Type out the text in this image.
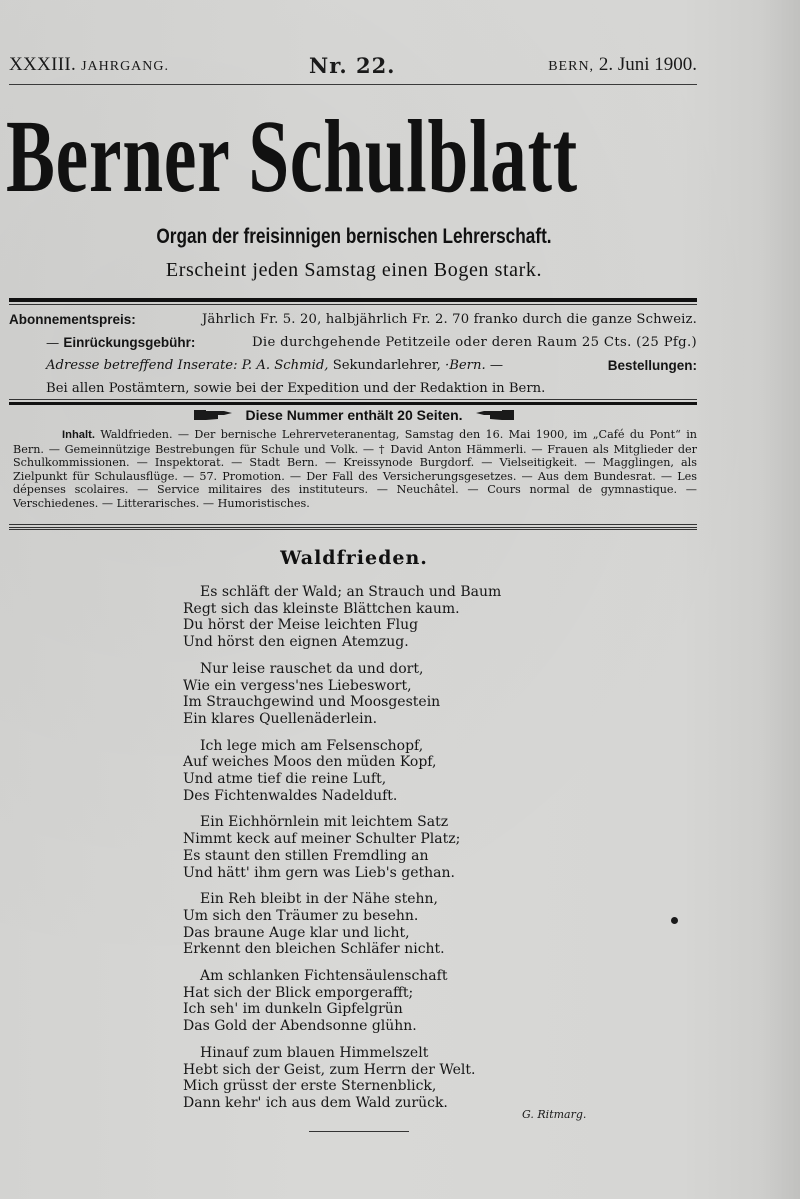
XXXIII. JAHRGANG.	Nr. 22.	BERN, 2. Juni 1900.
Berner Schulblatt
Organ der freisinnigen bernischen Lehrerschaft.
Erscheint jeden Samstag einen Bogen stark.
Abonnementspreis:	Jährlich Fr. 5. 20, halbjährlich Fr. 2. 70 franko durch die ganze Schweiz.
— Einrückungsgebühr:	Die durchgehende Petitzeile oder deren Raum 25 Cts. (25 Pfg.)
Adresse betreffend Inserate: P. A. Schmid, Sekundarlehrer, ·Bern. —	Bestellungen:
Bei allen Postämtern, sowie bei der Expedition und der Redaktion in Bern.
Diese Nummer enthält 20 Seiten.
Inhalt. Waldfrieden. — Der bernische Lehrerveteranentag, Samstag den 16. Mai 1900, im „Café du Pont“ in Bern. — Gemeinnützige Bestrebungen für Schule und Volk. — † David Anton Hämmerli. — Frauen als Mitglieder der Schulkommissionen. — Inspektorat. — Stadt Bern. — Kreissynode Burgdorf. — Vielseitigkeit. — Magglingen, als Zielpunkt für Schulausflüge. — 57. Promotion. — Der Fall des Versicherungsgesetzes. — Aus dem Bundesrat. — Les dépenses scolaires. — Service militaires des instituteurs. — Neuchâtel. — Cours normal de gymnastique. — Verschiedenes. — Litterarisches. — Humoristisches.
Waldfrieden.
Es schläft der Wald; an Strauch und Baum
Regt sich das kleinste Blättchen kaum.
Du hörst der Meise leichten Flug
Und hörst den eignen Atemzug.
Nur leise rauschet da und dort,
Wie ein vergess'nes Liebeswort,
Im Strauchgewind und Moosgestein
Ein klares Quellenäderlein.
Ich lege mich am Felsenschopf,
Auf weiches Moos den müden Kopf,
Und atme tief die reine Luft,
Des Fichtenwaldes Nadelduft.
Ein Eichhörnlein mit leichtem Satz
Nimmt keck auf meiner Schulter Platz;
Es staunt den stillen Fremdling an
Und hätt' ihm gern was Lieb's gethan.
Ein Reh bleibt in der Nähe stehn,
Um sich den Träumer zu besehn.
Das braune Auge klar und licht,
Erkennt den bleichen Schläfer nicht.
Am schlanken Fichtensäulenschaft
Hat sich der Blick emporgerafft;
Ich seh' im dunkeln Gipfelgrün
Das Gold der Abendsonne glühn.
Hinauf zum blauen Himmelszelt
Hebt sich der Geist, zum Herrn der Welt.
Mich grüsst der erste Sternenblick,
Dann kehr' ich aus dem Wald zurück.
G. Ritmarg.
